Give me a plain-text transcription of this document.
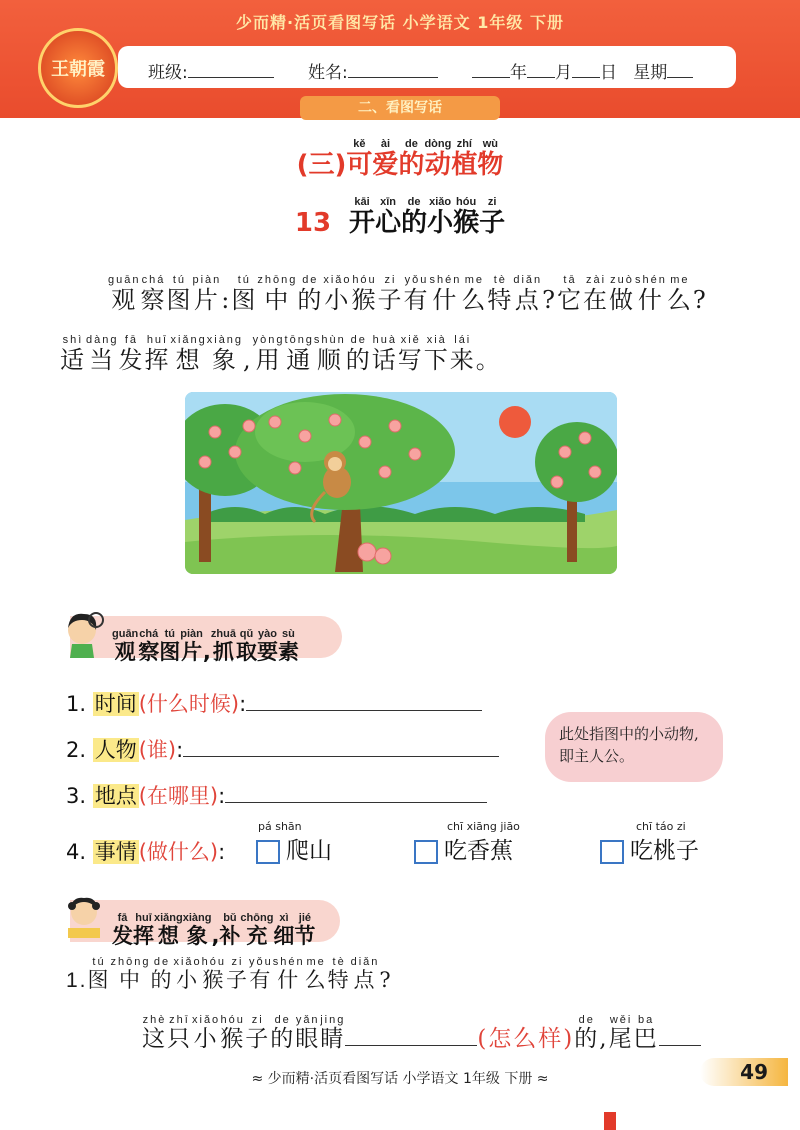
少而精·活页看图写话 小学语文 1年级 下册
王朝霞	班级:	姓名:	年 月 日 星期
二、看图写话
(三)可kě爱ài的de动dòng植zhí物wù
13 开kāi心xīn的de小xiǎo猴hóu子zi
观guān察chá图tú片piàn:图tú中zhōng的de小xiǎo猴hóu子zi有yǒu什shén么me特tè点diǎn?它tā在zài做zuò什shén么me?
适shì当dàng发fā挥huī想xiǎng象xiàng,用yòng通tōng顺shùn的de话huà写xiě下xià来lái。
观guān察chá图tú片piàn,抓zhuā取qǔ要yào素sù
1. 时间(什么时候):
2. 人物(谁):
3. 地点(在哪里):
此处指图中的小动物,即主人公。
4. 事情(做什么):
pá shān
爬山
chī xiāng jiāo
吃香蕉
chī táo zi
吃桃子
发fā挥huī想xiǎng象xiàng,补bǔ充chōng细xì节jié
1.图tú中zhōng的de小xiǎo猴hóu子zi有yǒu什shén么me特tè点diǎn?
这zhè只zhī小xiǎo猴hóu子zi的de眼yǎn睛jing(怎么样)的de,尾wěi巴ba
≈ 少而精·活页看图写话 小学语文 1年级 下册 ≈	49
